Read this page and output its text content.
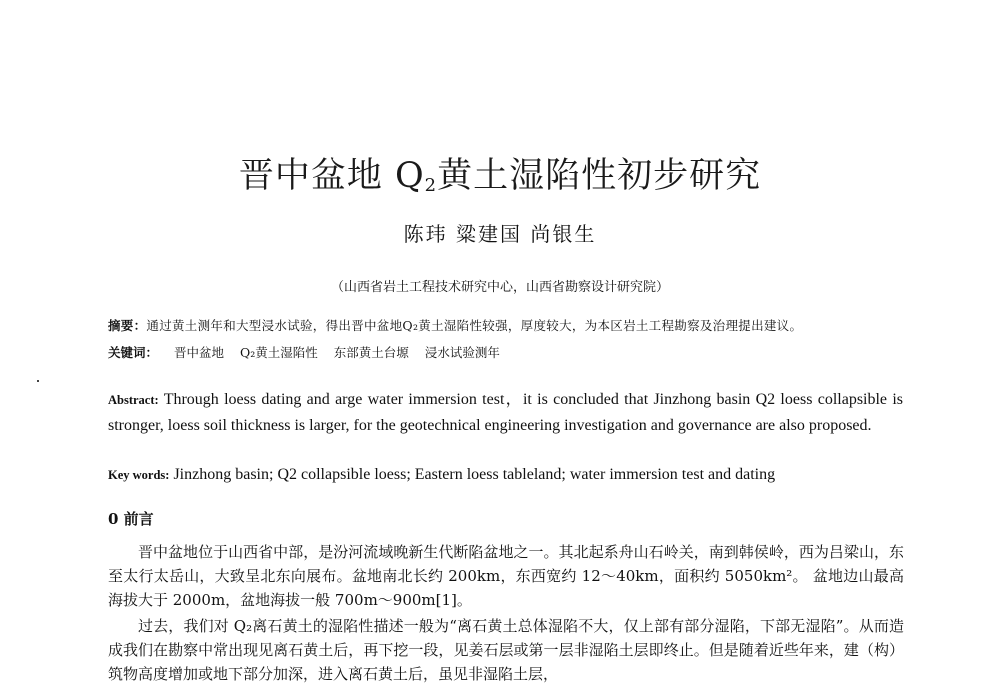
晋中盆地 $Q_2$黄土湿陷性初步研究
陈玮 粱建国 尚银生
（山西省岩土工程技术研究中心，山西省勘察设计研究院）
摘要：通过黄土测年和大型浸水试验，得出晋中盆地Q₂黄土湿陷性较强，厚度较大，为本区岩土工程勘察及治理提出建议。
关键词： 晋中盆地 Q₂黄土湿陷性 东部黄土台塬 浸水试验测年
Abstract: Through loess dating and arge water immersion test，it is concluded that Jinzhong basin Q2 loess collapsible is stronger, loess soil thickness is larger, for the geotechnical engineering investigation and governance are also proposed.
Key words: Jinzhong basin; Q2 collapsible loess; Eastern loess tableland; water immersion test and dating
0 前言
晋中盆地位于山西省中部，是汾河流域晚新生代断陷盆地之一。其北起系舟山石岭关，南到韩侯岭，西为吕梁山，东至太行太岳山，大致呈北东向展布。盆地南北长约 200km，东西宽约 12～40km，面积约 5050km²。 盆地边山最高海拔大于 2000m，盆地海拔一般 700m～900m[1]。
过去，我们对 Q₂离石黄土的湿陷性描述一般为“离石黄土总体湿陷不大，仅上部有部分湿陷，下部无湿陷”。从而造成我们在勘察中常出现见离石黄土后，再下挖一段，见姜石层或第一层非湿陷土层即终止。但是随着近些年来，建（构）筑物高度增加或地下部分加深，进入离石黄土后，虽见非湿陷土层，
